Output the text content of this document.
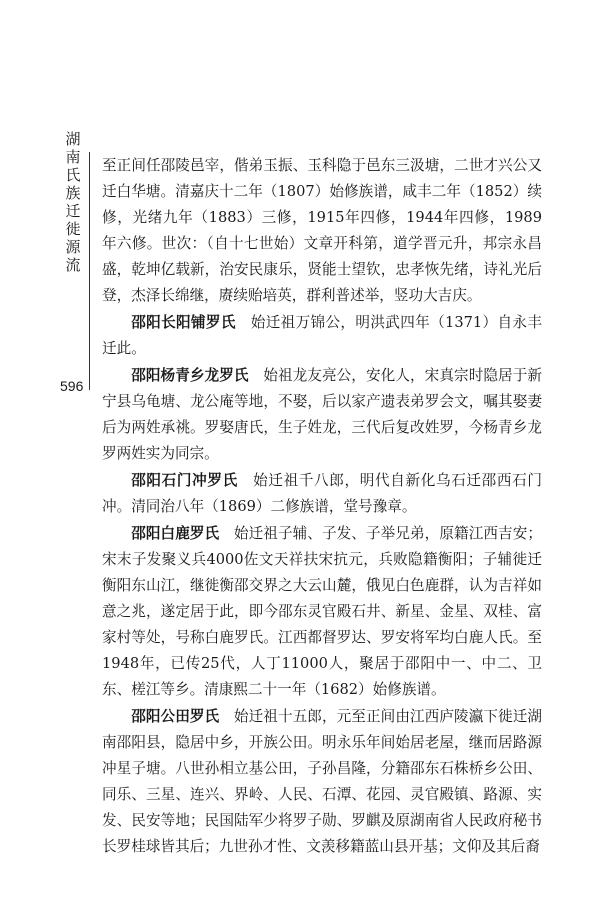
湖南氏族迁徙源流
596

至正间任邵陵邑宰，偕弟玉振、玉科隐于邑东三汲塘，二世才兴公又迁白华塘。清嘉庆十二年（1807）始修族谱，咸丰二年（1852）续修，光绪九年（1883）三修，1915年四修，1944年四修，1989年六修。世次：（自十七世始）文章开科第，道学晋元升，邦宗永昌盛，乾坤亿载新，治安民康乐，贤能士望钦，忠孝恢先绪，诗礼光后登，杰泽长绵继，赓续贻培英，群利普述举，竖功大吉庆。

邵阳长阳铺罗氏　 始迁祖万锦公，明洪武四年（1371）自永丰迁此。

邵阳杨青乡龙罗氏　 始祖龙友亮公，安化人，宋真宗时隐居于新宁县乌龟塘、龙公庵等地，不娶，后以家产遗表弟罗会文，嘱其娶妻后为两姓承祧。罗娶唐氏，生子姓龙，三代后复改姓罗，今杨青乡龙罗两姓实为同宗。

邵阳石门冲罗氏　 始迁祖千八郎，明代自新化乌石迁邵西石门冲。清同治八年（1869）二修族谱，堂号豫章。

邵阳白鹿罗氏　 始迁祖子辅、子发、子举兄弟，原籍江西吉安；宋末子发聚义兵4000佐文天祥扶宋抗元，兵败隐籍衡阳；子辅徙迁衡阳东山江，继徙衡邵交界之大云山麓，俄见白色鹿群，认为吉祥如意之兆，遂定居于此，即今邵东灵官殿石井、新星、金星、双桂、富家村等处，号称白鹿罗氏。江西都督罗达、罗安将军均白鹿人氏。至1948年，已传25代，人丁11000人，聚居于邵阳中一、中二、卫东、槎江等乡。清康熙二十一年（1682）始修族谱。

邵阳公田罗氏　 始迁祖十五郎，元至正间由江西庐陵瀛下徙迁湖南邵阳县，隐居中乡，开族公田。明永乐年间始居老屋，继而居路源冲星子塘。八世孙相立基公田，子孙昌隆，分籍邵东石株桥乡公田、同乐、三星、连兴、界岭、人民、石潭、花园、灵官殿镇、路源、实发、民安等地；民国陆军少将罗子勋、罗麒及原湖南省人民政府秘书长罗桂球皆其后；九世孙才性、文羡移籍蓝山县开基；文仰及其后裔
